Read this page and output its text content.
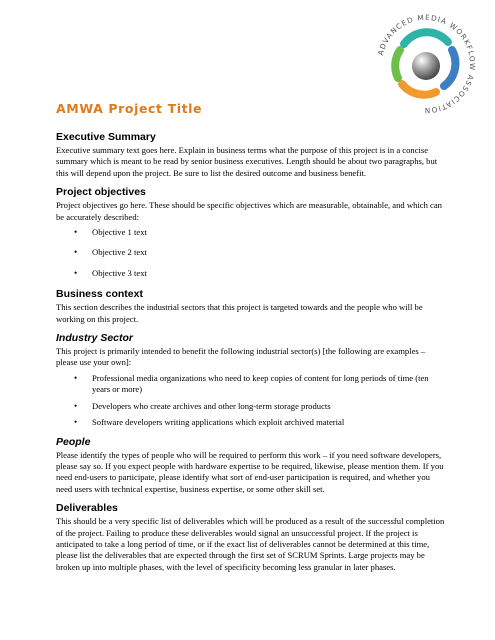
ADVANCED MEDIA WORKFLOW ASSOCIATION
AMWA Project Title
Executive Summary

Executive summary text goes here. Explain in business terms what the purpose of this project is in a concise summary which is meant to be read by senior business executives. Length should be about two paragraphs, but this will depend upon the project. Be sure to list the desired outcome and business benefit.

Project objectives

Project objectives go here. These should be specific objectives which are measurable, obtainable, and which can be accurately described:

• Objective 1 text
• Objective 2 text
• Objective 3 text
Business context

This section describes the industrial sectors that this project is targeted towards and the people who will be working on this project.

Industry Sector

This project is primarily intended to benefit the following industrial sector(s) [the following are examples – please use your own]:

• Professional media organizations who need to keep copies of content for long periods of time (ten years or more)
• Developers who create archives and other long-term storage products
• Software developers writing applications which exploit archived material
People

Please identify the types of people who will be required to perform this work – if you need software developers, please say so. If you expect people with hardware expertise to be required, likewise, please mention them. If you need end-users to participate, please identify what sort of end-user participation is required, and whether you need users with technical expertise, business expertise, or some other skill set.

Deliverables

This should be a very specific list of deliverables which will be produced as a result of the successful completion of the project. Failing to produce these deliverables would signal an unsuccessful project. If the project is anticipated to take a long period of time, or if the exact list of deliverables cannot be determined at this time, please list the deliverables that are expected through the first set of SCRUM Sprints. Large projects may be broken up into multiple phases, with the level of specificity becoming less granular in later phases.
